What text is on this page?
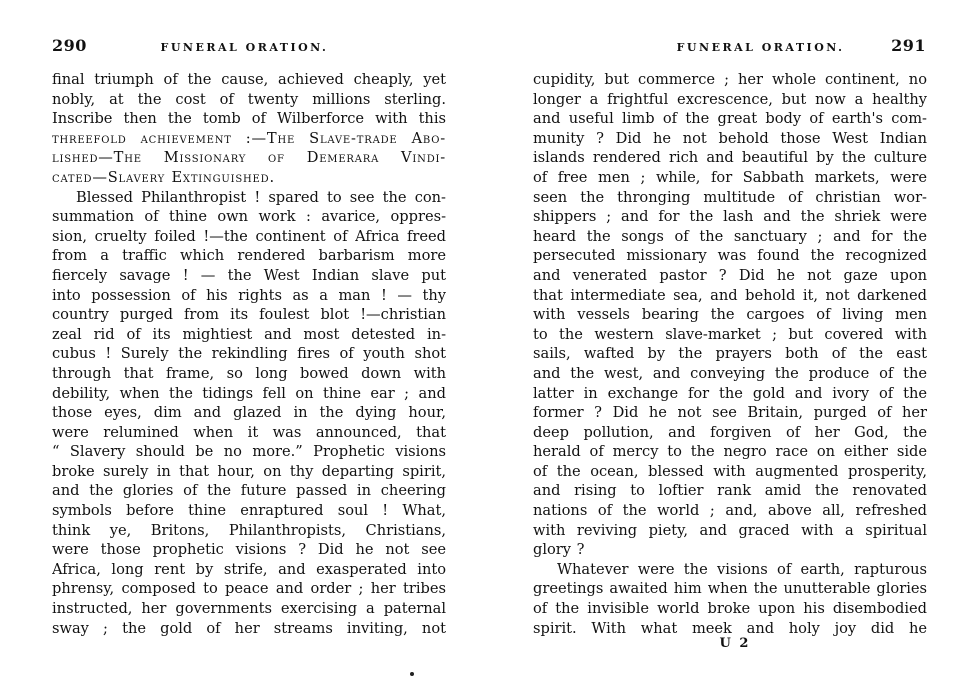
290	FUNERAL ORATION.
final triumph of the cause, achieved cheaply, yet
nobly, at the cost of twenty millions sterling.
Inscribe then the tomb of Wilberforce with this
threefold achievement :—The Slave-trade Abo-
lished—The Missionary of Demerara Vindi-
cated—Slavery Extinguished.
Blessed Philanthropist ! spared to see the con-
summation of thine own work : avarice, oppres-
sion, cruelty foiled !—the continent of Africa freed
from a traffic which rendered barbarism more
fiercely savage ! — the West Indian slave put
into possession of his rights as a man ! — thy
country purged from its foulest blot !—christian
zeal rid of its mightiest and most detested in-
cubus ! Surely the rekindling fires of youth shot
through that frame, so long bowed down with
debility, when the tidings fell on thine ear ; and
those eyes, dim and glazed in the dying hour,
were relumined when it was announced, that
“ Slavery should be no more.” Prophetic visions
broke surely in that hour, on thy departing spirit,
and the glories of the future passed in cheering
symbols before thine enraptured soul ! What,
think ye, Britons, Philanthropists, Christians,
were those prophetic visions ? Did he not see
Africa, long rent by strife, and exasperated into
phrensy, composed to peace and order ; her tribes
instructed, her governments exercising a paternal
sway ; the gold of her streams inviting, not
FUNERAL ORATION.	291
cupidity, but commerce ; her whole continent, no
longer a frightful excrescence, but now a healthy
and useful limb of the great body of earth's com-
munity ? Did he not behold those West Indian
islands rendered rich and beautiful by the culture
of free men ; while, for Sabbath markets, were
seen the thronging multitude of christian wor-
shippers ; and for the lash and the shriek were
heard the songs of the sanctuary ; and for the
persecuted missionary was found the recognized
and venerated pastor ? Did he not gaze upon
that intermediate sea, and behold it, not darkened
with vessels bearing the cargoes of living men
to the western slave-market ; but covered with
sails, wafted by the prayers both of the east
and the west, and conveying the produce of the
latter in exchange for the gold and ivory of the
former ? Did he not see Britain, purged of her
deep pollution, and forgiven of her God, the
herald of mercy to the negro race on either side
of the ocean, blessed with augmented prosperity,
and rising to loftier rank amid the renovated
nations of the world ; and, above all, refreshed
with reviving piety, and graced with a spiritual
glory ?
Whatever were the visions of earth, rapturous
greetings awaited him when the unutterable glories
of the invisible world broke upon his disembodied
spirit. With what meek and holy joy did he
U 2
